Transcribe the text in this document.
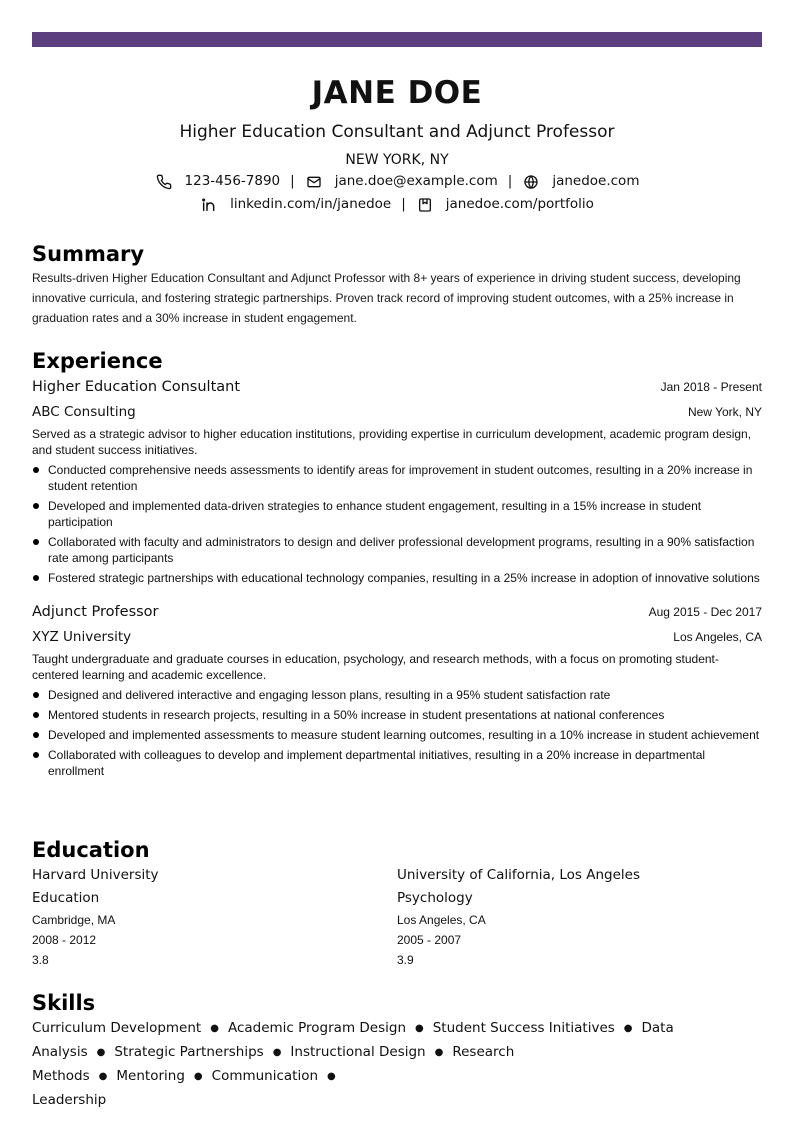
JANE DOE
Higher Education Consultant and Adjunct Professor
NEW YORK, NY
123-456-7890 |	jane.doe@example.com |	janedoe.com
linkedin.com/in/janedoe |	janedoe.com/portfolio
Summary
Results-driven Higher Education Consultant and Adjunct Professor with 8+ years of experience in driving student success, developing innovative curricula, and fostering strategic partnerships. Proven track record of improving student outcomes, with a 25% increase in graduation rates and a 30% increase in student engagement.
Experience
Higher Education Consultant	Jan 2018 - Present
ABC Consulting	New York, NY
Served as a strategic advisor to higher education institutions, providing expertise in curriculum development, academic program design, and student success initiatives.
Conducted comprehensive needs assessments to identify areas for improvement in student outcomes, resulting in a 20% increase in student retention
Developed and implemented data-driven strategies to enhance student engagement, resulting in a 15% increase in student participation
Collaborated with faculty and administrators to design and deliver professional development programs, resulting in a 90% satisfaction rate among participants
Fostered strategic partnerships with educational technology companies, resulting in a 25% increase in adoption of innovative solutions
Adjunct Professor	Aug 2015 - Dec 2017
XYZ University	Los Angeles, CA
Taught undergraduate and graduate courses in education, psychology, and research methods, with a focus on promoting student-centered learning and academic excellence.
Designed and delivered interactive and engaging lesson plans, resulting in a 95% student satisfaction rate
Mentored students in research projects, resulting in a 50% increase in student presentations at national conferences
Developed and implemented assessments to measure student learning outcomes, resulting in a 10% increase in student achievement
Collaborated with colleagues to develop and implement departmental initiatives, resulting in a 20% increase in departmental enrollment
Education
Harvard University
Education
Cambridge, MA
2008 - 2012
3.8
University of California, Los Angeles
Psychology
Los Angeles, CA
2005 - 2007
3.9
Skills
Curriculum Development ● Academic Program Design ● Student Success Initiatives ● Data Analysis ● Strategic Partnerships ● Instructional Design ● Research Methods ● Mentoring ● Communication ●
Leadership
